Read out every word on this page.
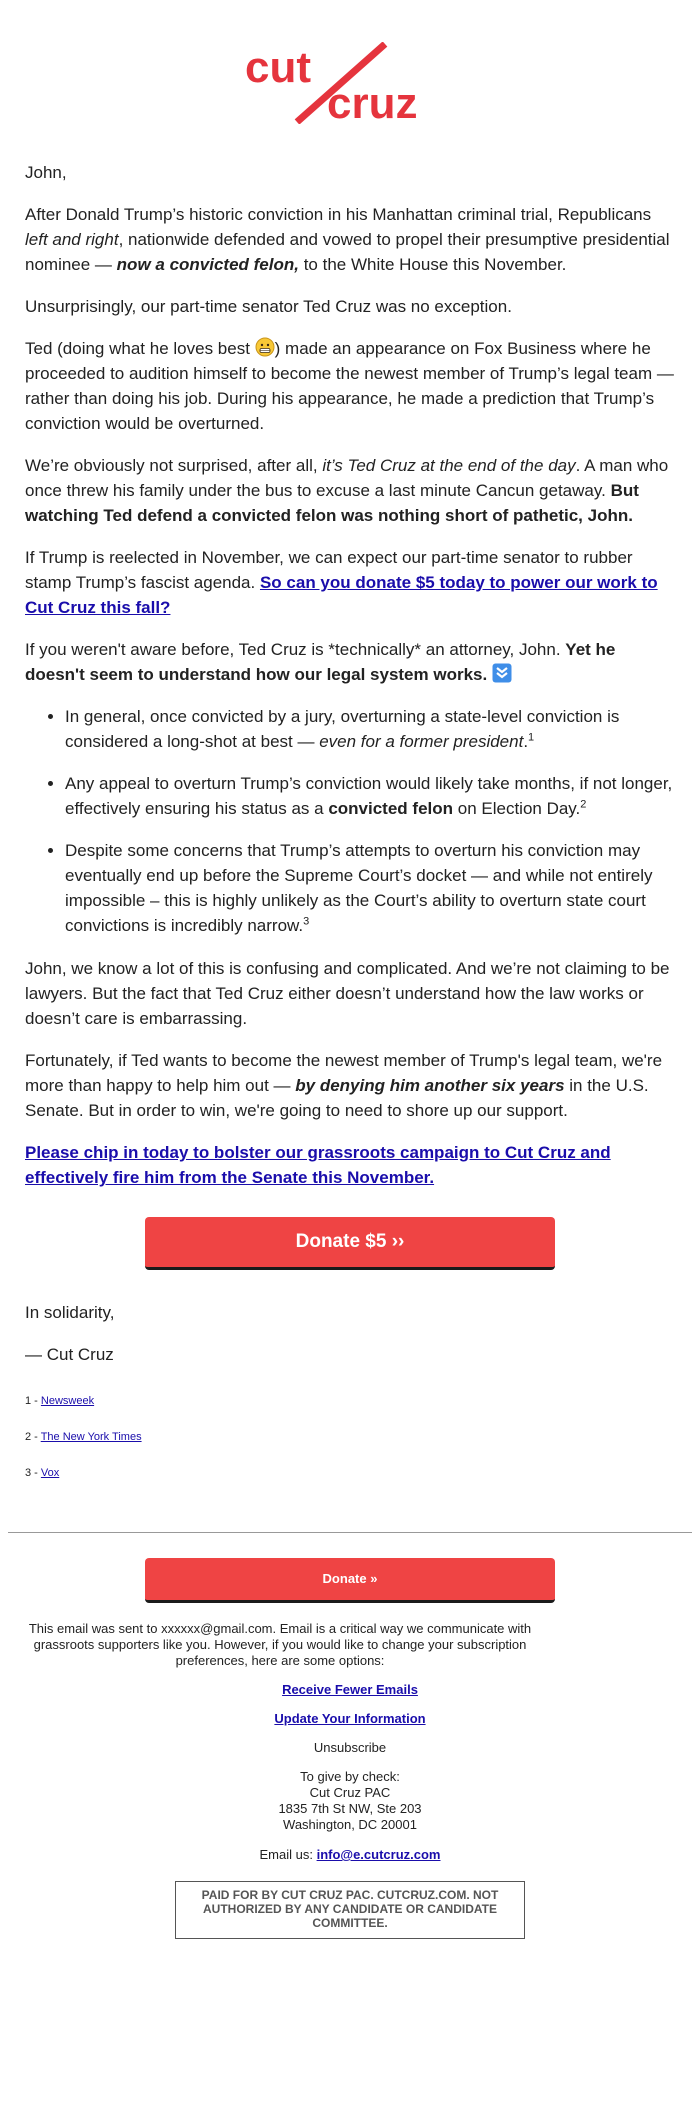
cut
cruz

John,

After Donald Trump’s historic conviction in his Manhattan criminal trial, Republicans left and right, nationwide defended and vowed to propel their presumptive presidential nominee — now a convicted felon, to the White House this November.

Unsurprisingly, our part-time senator Ted Cruz was no exception.

Ted (doing what he loves best ) made an appearance on Fox Business where he proceeded to audition himself to become the newest member of Trump’s legal team — rather than doing his job. During his appearance, he made a prediction that Trump’s conviction would be overturned.

We’re obviously not surprised, after all, it’s Ted Cruz at the end of the day. A man who once threw his family under the bus to excuse a last minute Cancun getaway. But watching Ted defend a convicted felon was nothing short of pathetic, John.

If Trump is reelected in November, we can expect our part-time senator to rubber stamp Trump’s fascist agenda. So can you donate $5 today to power our work to Cut Cruz this fall?

If you weren't aware before, Ted Cruz is *technically* an attorney, John. Yet he doesn't seem to understand how our legal system works.

• In general, once convicted by a jury, overturning a state-level conviction is considered a long-shot at best — even for a former president.$^1$
• Any appeal to overturn Trump’s conviction would likely take months, if not longer, effectively ensuring his status as a convicted felon on Election Day.$^2$
• Despite some concerns that Trump’s attempts to overturn his conviction may eventually end up before the Supreme Court’s docket — and while not entirely impossible – this is highly unlikely as the Court’s ability to overturn state court convictions is incredibly narrow.$^3$

John, we know a lot of this is confusing and complicated. And we’re not claiming to be lawyers. But the fact that Ted Cruz either doesn’t understand how the law works or doesn’t care is embarrassing.

Fortunately, if Ted wants to become the newest member of Trump's legal team, we're more than happy to help him out — by denying him another six years in the U.S. Senate. But in order to win, we're going to need to shore up our support.

Please chip in today to bolster our grassroots campaign to Cut Cruz and effectively fire him from the Senate this November.

Donate $5 ››

In solidarity,

— Cut Cruz

1 - Newsweek

2 - The New York Times

3 - Vox

Donate »

This email was sent to xxxxxx@gmail.com. Email is a critical way we communicate with grassroots supporters like you. However, if you would like to change your subscription preferences, here are some options:

Receive Fewer Emails

Update Your Information

Unsubscribe

To give by check:

Cut Cruz PAC

1835 7th St NW, Ste 203

Washington, DC 20001

Email us: info@e.cutcruz.com

PAID FOR BY CUT CRUZ PAC. CUTCRUZ.COM. NOT AUTHORIZED BY ANY CANDIDATE OR CANDIDATE COMMITTEE.
